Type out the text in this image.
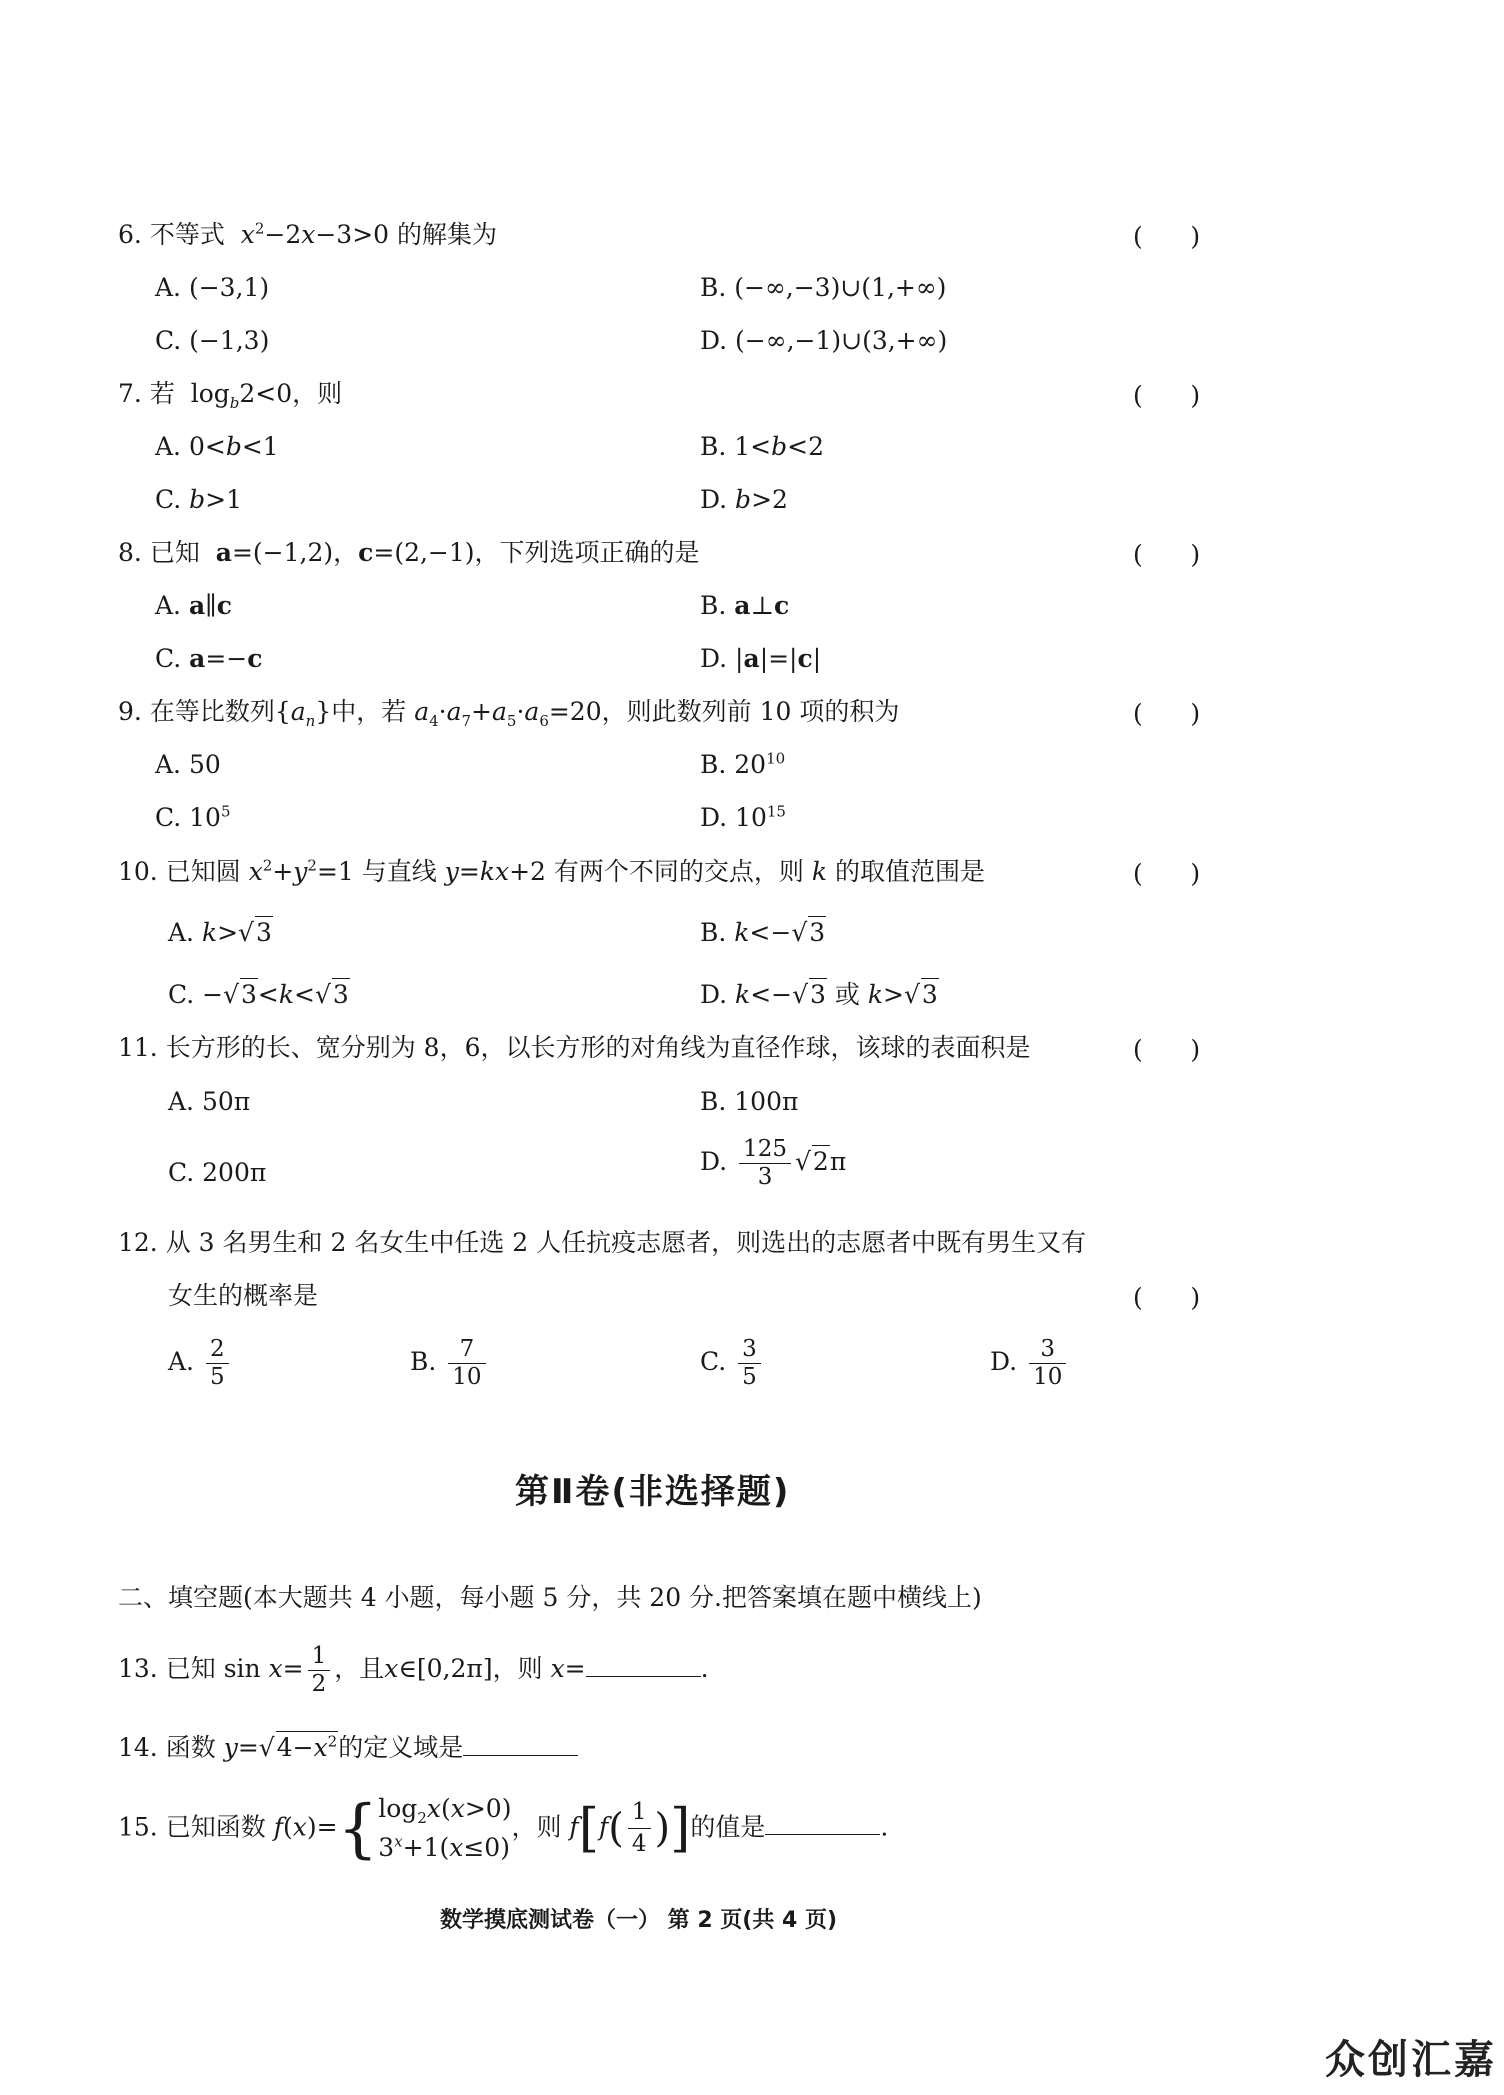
6. 不等式 $x^2-2x-3>0$ 的解集为	(      )
A. (−3,1)	B. (−∞,−3)∪(1,+∞)
C. (−1,3)	D. (−∞,−1)∪(3,+∞)
7. 若  $\log_b2<0$，则	(      )
A. 0<b<1	B. 1<b<2
C. b>1	D. b>2
8. 已知 a=(−1,2)，c=(2,−1)，下列选项正确的是	(      )
A. a∥c	B. a⊥c
C. a=−c	D. |a|=|c|
9. 在等比数列$\{a_n\}$中，若 $a_4\cdot a_7+a_5\cdot a_6=20$，则此数列前 10 项的积为	(      )
A. 50	B. $20^{10}$
C. $10^5$	D. $10^{15}$
10. 已知圆 $x^2+y^2=1$ 与直线 y=kx+2 有两个不同的交点，则 k 的取值范围是	(      )
A. k>√3	B. k<−√3
C. −√3<k<√3	D. k<−√3 或 k>√3
11. 长方形的长、宽分别为 8，6，以长方形的对角线为直径作球，该球的表面积是	(      )
A. 50π	B. 100π
C. 200π	D. $\frac{125}{3} √2\pi$
12. 从 3 名男生和 2 名女生中任选 2 人任抗疫志愿者，则选出的志愿者中既有男生又有
女生的概率是	(      )
A. $\frac{2}{5}$	B. $\frac{7}{10}$	C. $\frac{3}{5}$	D. $\frac{3}{10}$
第Ⅱ卷(非选择题)
二、填空题(本大题共 4 小题，每小题 5 分，共 20 分.把答案填在题中横线上)
13. 已知 $\sin x= \frac{1}{2}$ ，且x∈[0,2π]，则 x=	.
14. 函数 $y=√4-x^2$的定义域是
15. 已知函数 f(x)={ $\log_2x(x>0)$
$3^x+1(x\le 0)$
，则 $f[f( \frac{1}{4}$ )]的值是	.
数学摸底测试卷（一） 第 2 页(共 4 页)
众创汇嘉
